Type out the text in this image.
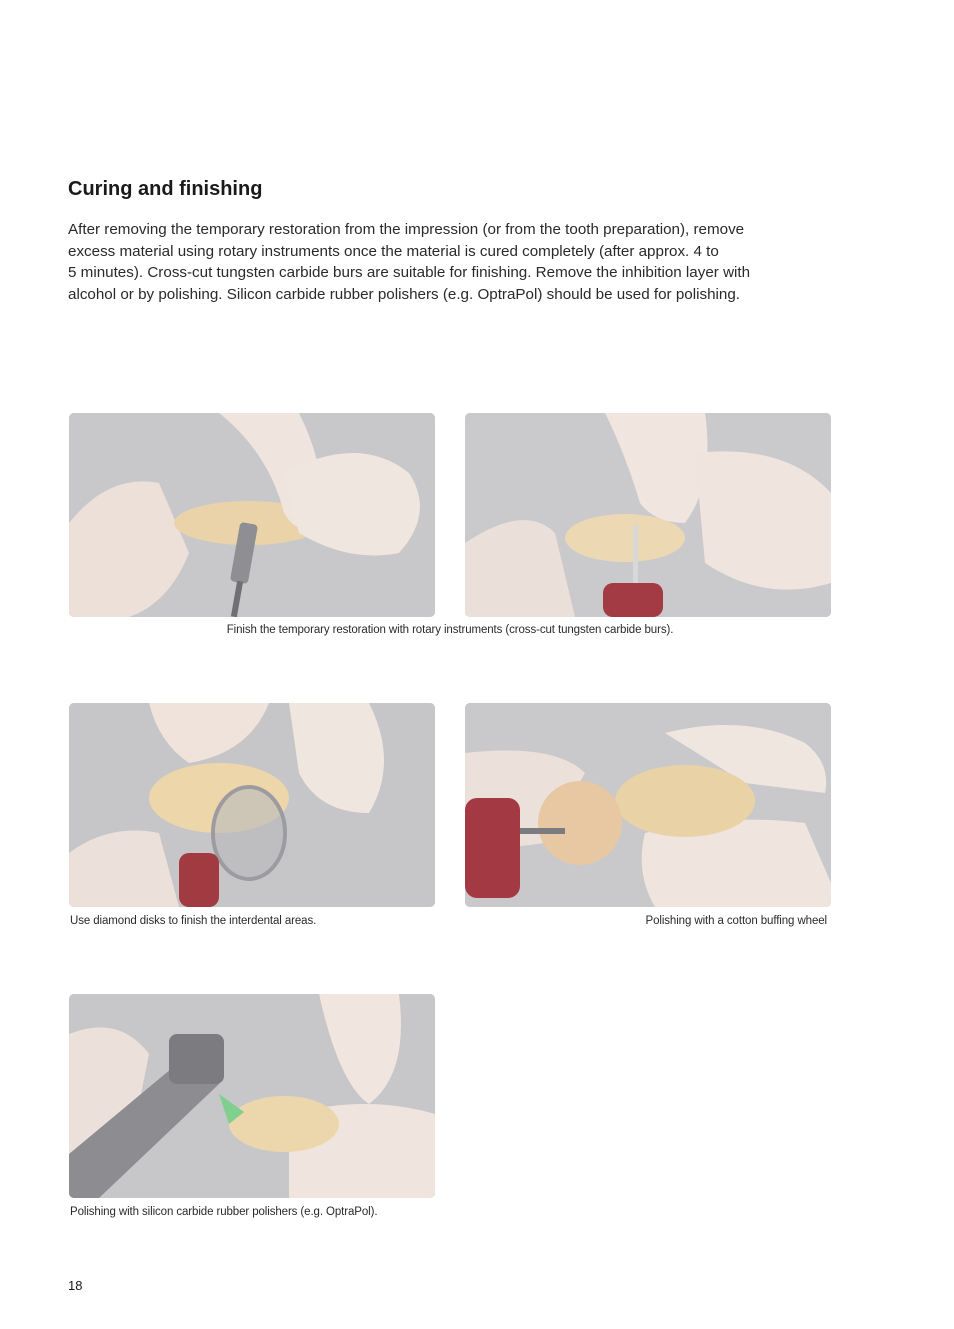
Curing and finishing

After removing the temporary restoration from the impression (or from the tooth preparation), remove
excess material using rotary instruments once the material is cured completely (after approx. 4 to
5 minutes). Cross-cut tungsten carbide burs are suitable for finishing. Remove the inhibition layer with
alcohol or by polishing. Silicon carbide rubber polishers (e.g. OptraPol) should be used for polishing.

Finish the temporary restoration with rotary instruments (cross-cut tungsten carbide burs).
Use diamond disks to finish the interdental areas.	Polishing with a cotton buffing wheel
Polishing with silicon carbide rubber polishers (e.g. OptraPol).
18
